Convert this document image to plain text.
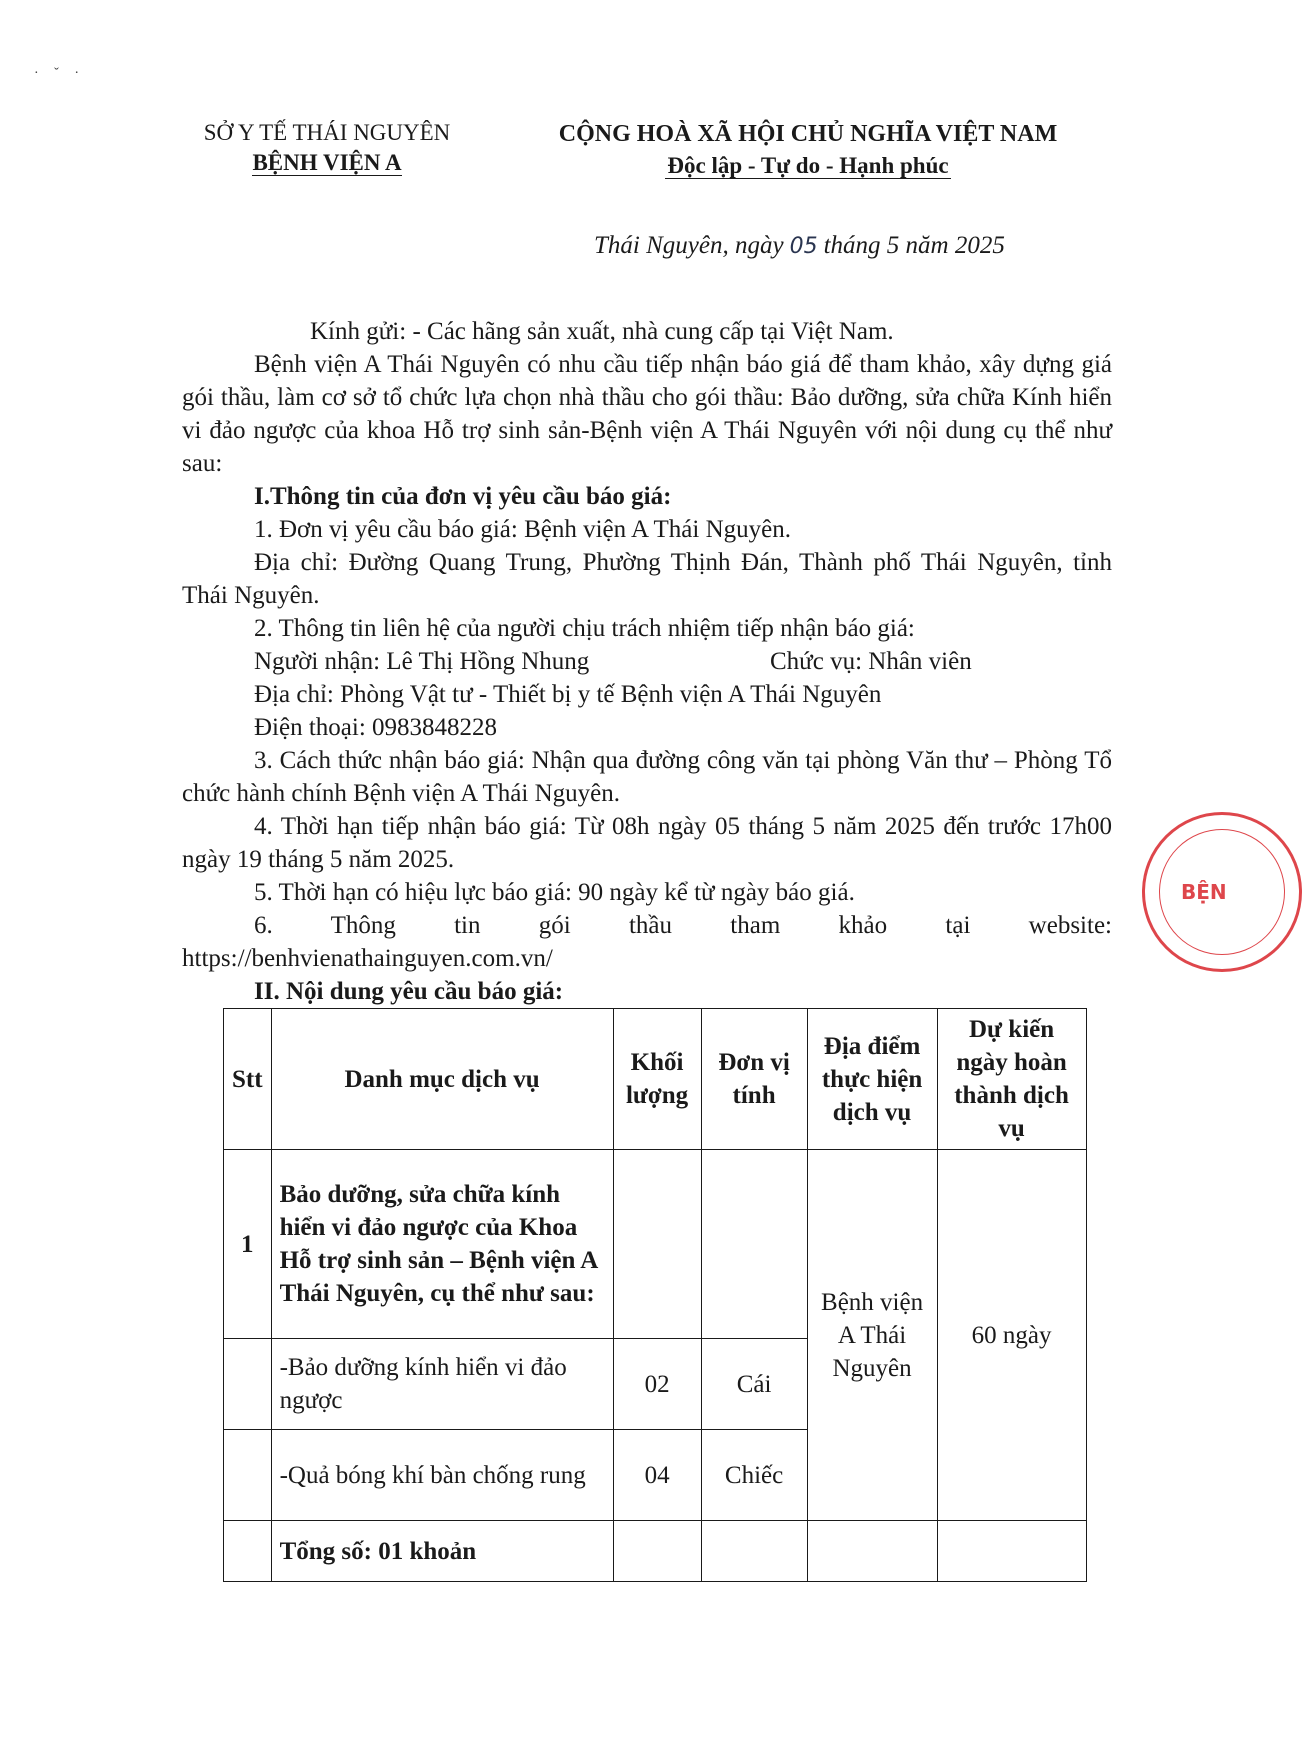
· ˇ ·
SỞ Y TẾ THÁI NGUYÊN
BỆNH VIỆN A
CỘNG HOÀ XÃ HỘI CHỦ NGHĨA VIỆT NAM
Độc lập - Tự do - Hạnh phúc
Thái Nguyên, ngày 05 tháng 5 năm 2025

Kính gửi: - Các hãng sản xuất, nhà cung cấp tại Việt Nam.

Bệnh viện A Thái Nguyên có nhu cầu tiếp nhận báo giá để tham khảo, xây dựng giá gói thầu, làm cơ sở tổ chức lựa chọn nhà thầu cho gói thầu: Bảo dưỡng, sửa chữa Kính hiển vi đảo ngược của khoa Hỗ trợ sinh sản-Bệnh viện A Thái Nguyên với nội dung cụ thể như sau:

I.Thông tin của đơn vị yêu cầu báo giá:

1. Đơn vị yêu cầu báo giá: Bệnh viện A Thái Nguyên.

Địa chỉ: Đường Quang Trung, Phường Thịnh Đán, Thành phố Thái Nguyên, tỉnh Thái Nguyên.

2. Thông tin liên hệ của người chịu trách nhiệm tiếp nhận báo giá:

Người nhận: Lê Thị Hồng Nhung	Chức vụ: Nhân viên

Địa chỉ: Phòng Vật tư - Thiết bị y tế Bệnh viện A Thái Nguyên

Điện thoại: 0983848228

3. Cách thức nhận báo giá: Nhận qua đường công văn tại phòng Văn thư – Phòng Tổ chức hành chính Bệnh viện A Thái Nguyên.

4. Thời hạn tiếp nhận báo giá: Từ 08h ngày 05 tháng 5 năm 2025 đến trước 17h00 ngày 19 tháng 5 năm 2025.

5. Thời hạn có hiệu lực báo giá: 90 ngày kể từ ngày báo giá.

6. Thông tin gói thầu tham khảo tại website:

https://benhvienathainguyen.com.vn/

II. Nội dung yêu cầu báo giá:

BỆN
Stt	Danh mục dịch vụ	Khối lượng	Đơn vị tính	Địa điểm thực hiện dịch vụ	Dự kiến ngày hoàn thành dịch vụ
1	Bảo dưỡng, sửa chữa kính hiển vi đảo ngược của Khoa Hỗ trợ sinh sản – Bệnh viện A Thái Nguyên, cụ thể như sau:			Bệnh viện A Thái Nguyên	60 ngày
	-Bảo dưỡng kính hiển vi đảo ngược	02	Cái		
	-Quả bóng khí bàn chống rung	04	Chiếc		
	Tổng số: 01 khoản				
